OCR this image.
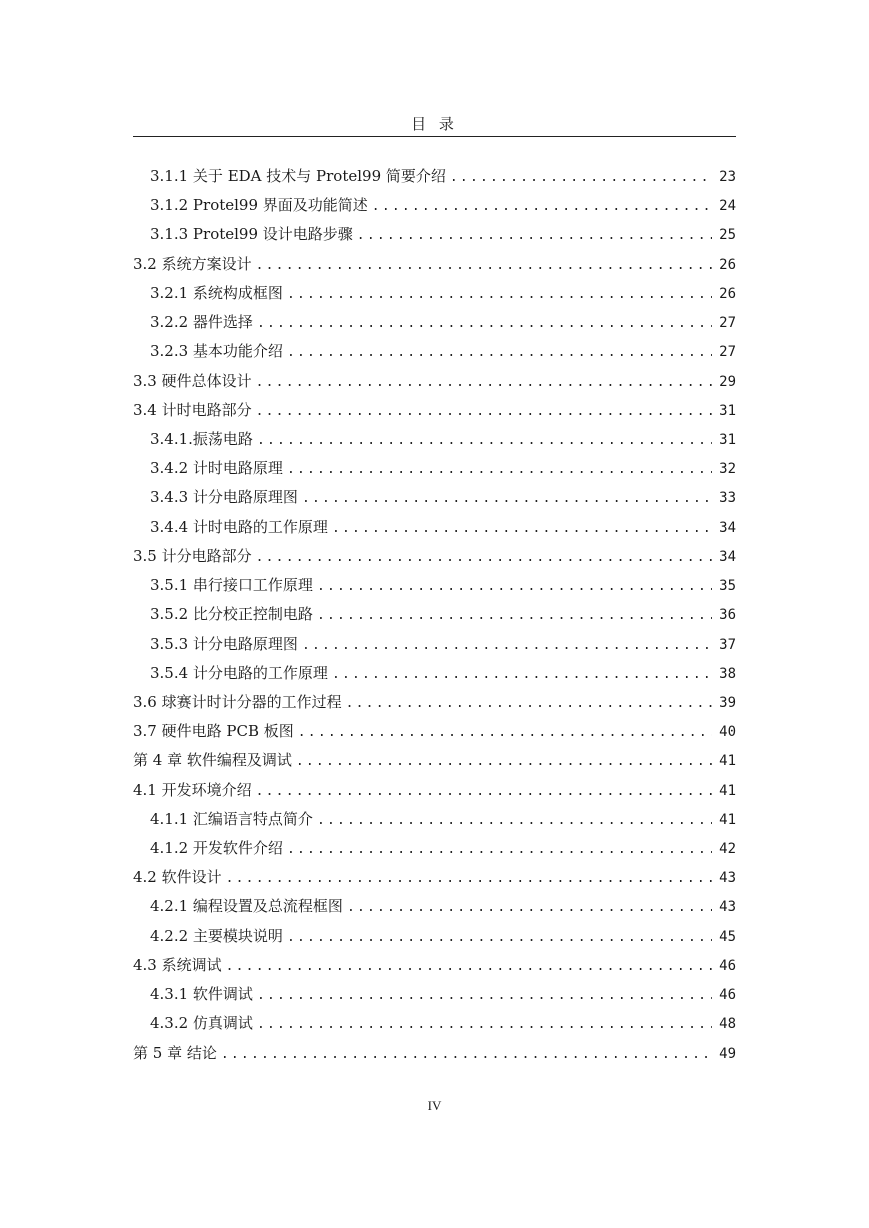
目 录
3.1.1 关于 EDA 技术与 Protel99 简要介绍 .....	23
3.1.2 Protel99 界面及功能简述 .....	24
3.1.3 Protel99 设计电路步骤 .....	25
3.2 系统方案设计 .....	26
3.2.1 系统构成框图 .....	26
3.2.2 器件选择 .....	27
3.2.3 基本功能介绍 .....	27
3.3 硬件总体设计 .....	29
3.4 计时电路部分 .....	31
3.4.1.振荡电路 .....	31
3.4.2 计时电路原理 .....	32
3.4.3 计分电路原理图 .....	33
3.4.4 计时电路的工作原理 .....	34
3.5 计分电路部分 .....	34
3.5.1 串行接口工作原理 .....	35
3.5.2 比分校正控制电路 .....	36
3.5.3 计分电路原理图 .....	37
3.5.4 计分电路的工作原理 .....	38
3.6 球赛计时计分器的工作过程 .....	39
3.7 硬件电路 PCB 板图 .....	40
第 4 章 软件编程及调试 .....	41
4.1 开发环境介绍 .....	41
4.1.1 汇编语言特点简介 .....	41
4.1.2 开发软件介绍 .....	42
4.2 软件设计 .....	43
4.2.1 编程设置及总流程框图 .....	43
4.2.2 主要模块说明 .....	45
4.3 系统调试 .....	46
4.3.1 软件调试 .....	46
4.3.2 仿真调试 .....	48
第 5 章 结论 .....	49
IV
